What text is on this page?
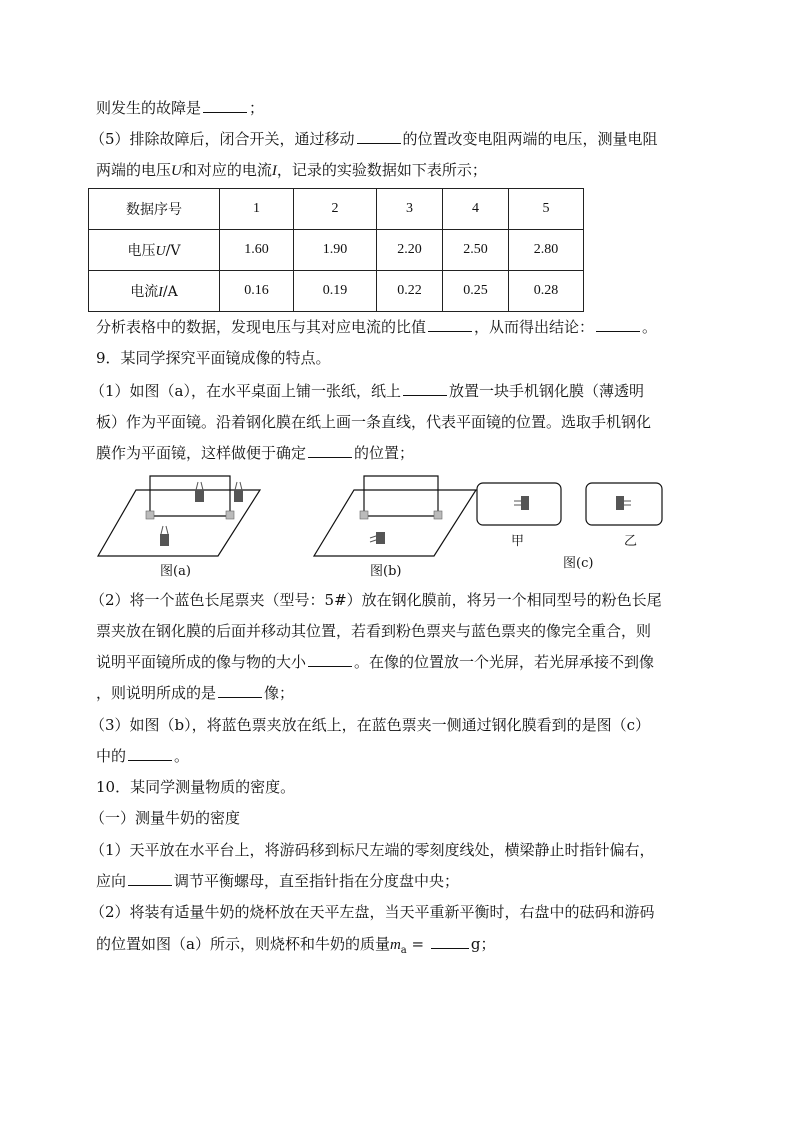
则发生的故障是	；
（5）排除故障后，闭合开关，通过移动	的位置改变电阻两端的电压，测量电阻
两端的电压U和对应的电流I，记录的实验数据如下表所示；
数据序号	1	2	3	4	5
电压U/V	1.60	1.90	2.20	2.50	2.80
电流I/A	0.16	0.19	0.22	0.25	0.28
分析表格中的数据，发现电压与其对应电流的比值	，从而得出结论：	。
9．某同学探究平面镜成像的特点。
（1）如图（a），在水平桌面上铺一张纸，纸上	放置一块手机钢化膜（薄透明
板）作为平面镜。沿着钢化膜在纸上画一条直线，代表平面镜的位置。选取手机钢化
膜作为平面镜，这样做便于确定	的位置；
图(a)	图(b)
甲	乙
图(c)
（2）将一个蓝色长尾票夹（型号：5#）放在钢化膜前，将另一个相同型号的粉色长尾
票夹放在钢化膜的后面并移动其位置，若看到粉色票夹与蓝色票夹的像完全重合，则
说明平面镜所成的像与物的大小	。在像的位置放一个光屏，若光屏承接不到像
，则说明所成的是	像；
（3）如图（b），将蓝色票夹放在纸上，在蓝色票夹一侧通过钢化膜看到的是图（c）
中的	。
10．某同学测量物质的密度。
（一）测量牛奶的密度
（1）天平放在水平台上，将游码移到标尺左端的零刻度线处，横梁静止时指针偏右，
应向	调节平衡螺母，直至指针指在分度盘中央；
（2）将装有适量牛奶的烧杯放在天平左盘，当天平重新平衡时，右盘中的砝码和游码
的位置如图（a）所示，则烧杯和牛奶的质量$m_a$ =	g；
